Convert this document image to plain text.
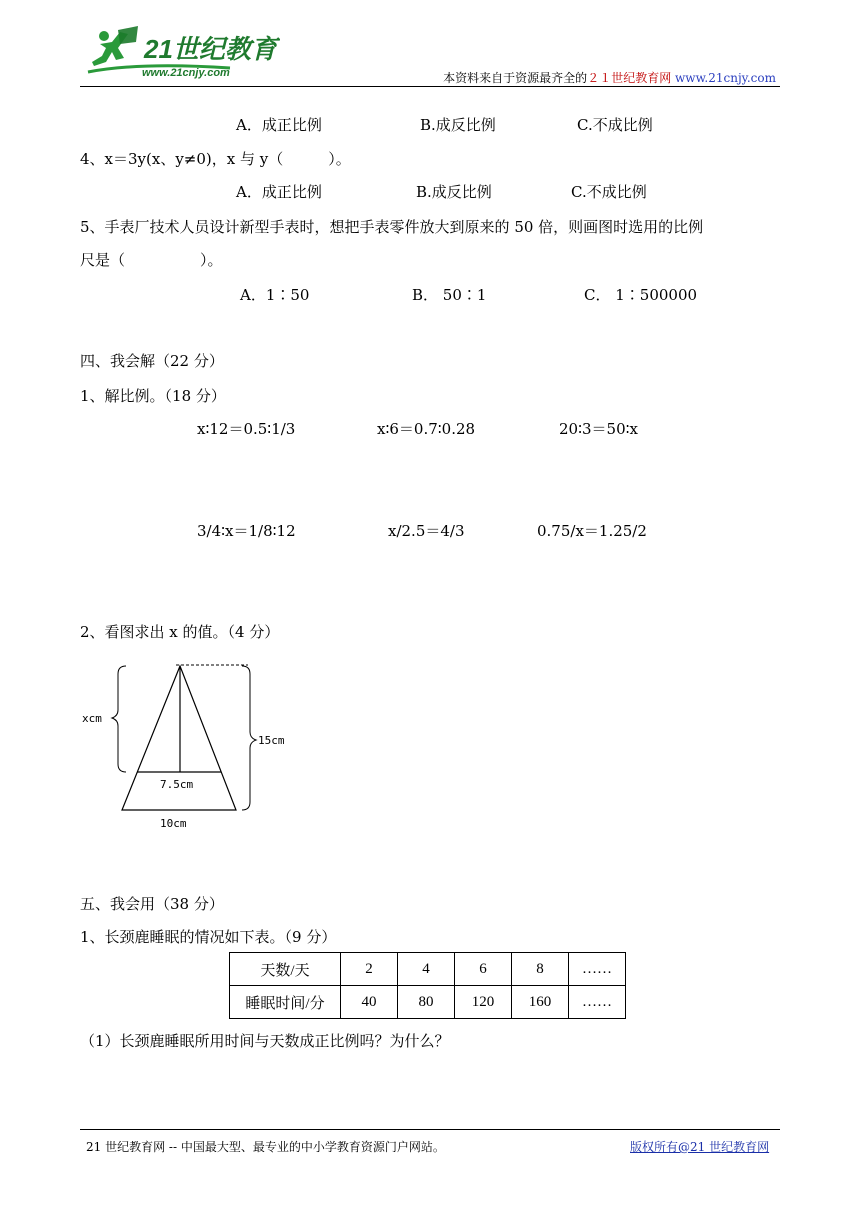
21世纪教育
www.21cnjy.com	本资料来自于资源最齐全的２１世纪教育网 www.21cnjy.com
A．成正比例	B.成反比例	C.不成比例
4、x＝3y(x、y≠0)，x 与 y（　　　）。
A．成正比例	B.成反比例	C.不成比例
5、手表厂技术人员设计新型手表时，想把手表零件放大到原来的 50 倍，则画图时选用的比例
尺是（　　　　　）。
A．1∶50	B． 50∶1	C． 1∶500000
四、我会解（22 分）
1、解比例。（18 分）
x∶12＝0.5∶1/3	x∶6＝0.7∶0.28	20∶3＝50∶x
3/4∶x＝1/8∶12	x/2.5＝4/3	0.75/x＝1.25/2
2、看图求出 x 的值。（4 分）
xcm
15cm
7.5cm
10cm
五、我会用（38 分）
1、长颈鹿睡眠的情况如下表。（9 分）
天数/天	2	4	6	8	……
睡眠时间/分	40	80	120	160	……
（1）长颈鹿睡眠所用时间与天数成正比例吗？为什么？
21 世纪教育网 -- 中国最大型、最专业的中小学教育资源门户网站。	版权所有@21 世纪教育网
